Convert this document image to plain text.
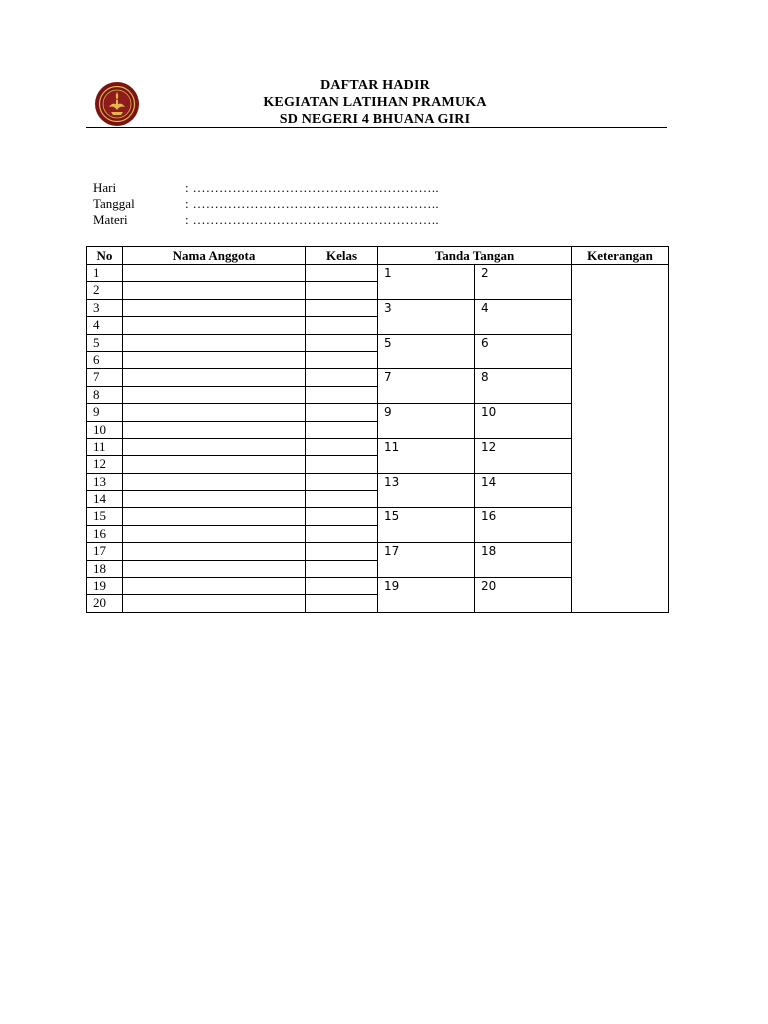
DAFTAR HADIR
KEGIATAN LATIHAN PRAMUKA
SD NEGERI 4 BHUANA GIRI
Hari	: ………………………………………………..
Tanggal	: ………………………………………………..
Materi	: ………………………………………………..
No	Nama Anggota	Kelas	Tanda Tangan		Keterangan
1			1	2	
2					
3			3	4	
4					
5			5	6	
6					
7			7	8	
8					
9			9	10	
10					
11			11	12	
12					
13			13	14	
14					
15			15	16	
16					
17			17	18	
18					
19			19	20	
20					
